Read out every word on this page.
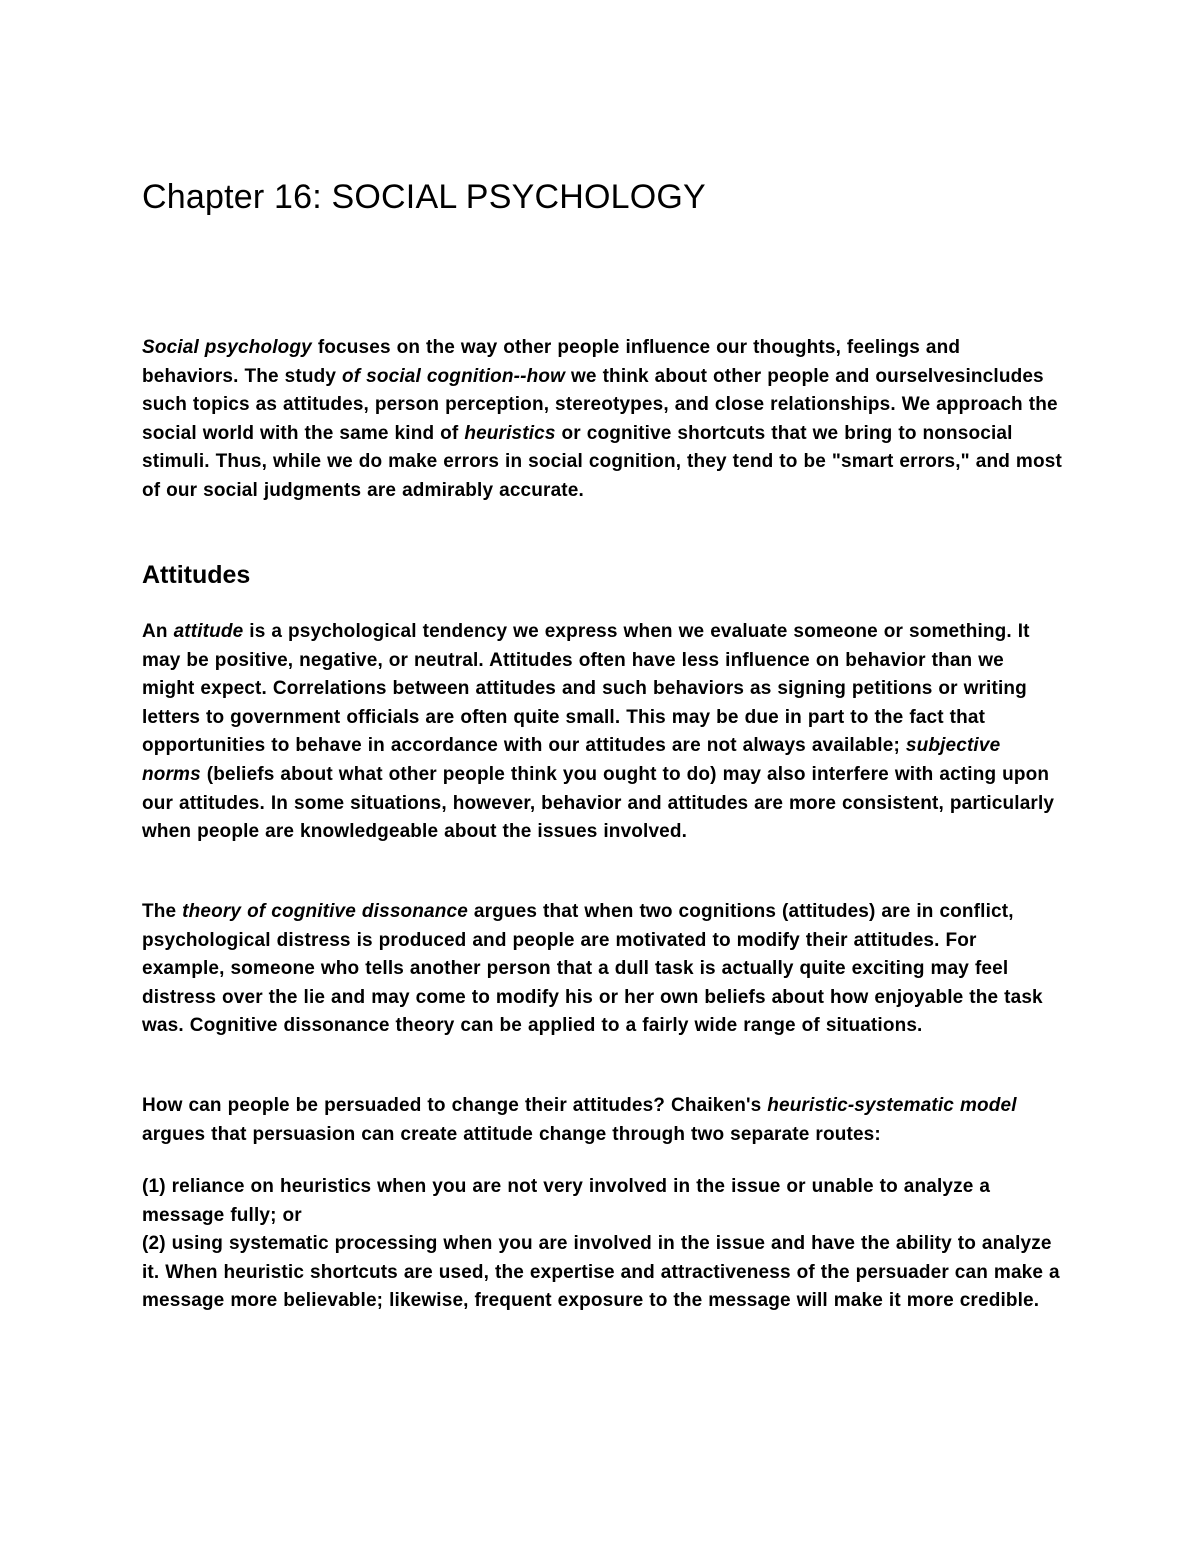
Chapter 16: SOCIAL PSYCHOLOGY

Social psychology focuses on the way other people influence our thoughts, feelings and behaviors. The study of social cognition--how we think about other people and ourselvesincludes such topics as attitudes, person perception, stereotypes, and close relationships. We approach the social world with the same kind of heuristics or cognitive shortcuts that we bring to nonsocial stimuli. Thus, while we do make errors in social cognition, they tend to be "smart errors," and most of our social judgments are admirably accurate.

Attitudes

An attitude is a psychological tendency we express when we evaluate someone or something. It may be positive, negative, or neutral. Attitudes often have less influence on behavior than we might expect. Correlations between attitudes and such behaviors as signing petitions or writing letters to government officials are often quite small. This may be due in part to the fact that opportunities to behave in accordance with our attitudes are not always available; subjective norms (beliefs about what other people think you ought to do) may also interfere with acting upon our attitudes. In some situations, however, behavior and attitudes are more consistent, particularly when people are knowledgeable about the issues involved.

The theory of cognitive dissonance argues that when two cognitions (attitudes) are in conflict, psychological distress is produced and people are motivated to modify their attitudes. For example, someone who tells another person that a dull task is actually quite exciting may feel distress over the lie and may come to modify his or her own beliefs about how enjoyable the task was. Cognitive dissonance theory can be applied to a fairly wide range of situations.

How can people be persuaded to change their attitudes? Chaiken's heuristic-systematic model argues that persuasion can create attitude change through two separate routes:

(1) reliance on heuristics when you are not very involved in the issue or unable to analyze a message fully; or
(2) using systematic processing when you are involved in the issue and have the ability to analyze it. When heuristic shortcuts are used, the expertise and attractiveness of the persuader can make a message more believable; likewise, frequent exposure to the message will make it more credible.
